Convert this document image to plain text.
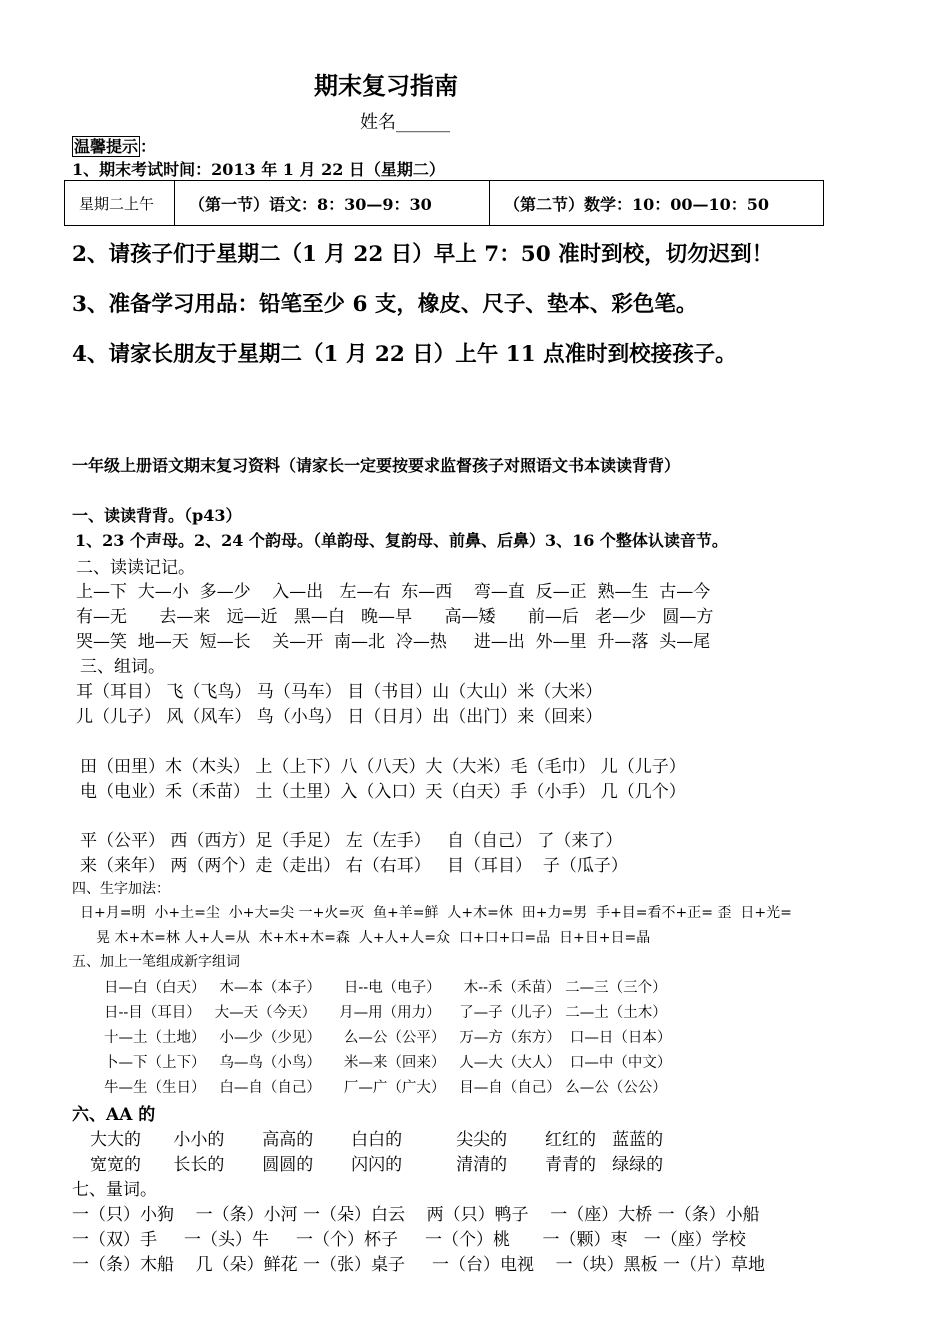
期末复习指南
姓名______
温馨提示 ：
1、期末考试时间：2013 年 1 月 22 日（星期二）
星期二上午	（第一节）语文：8：30—9：30	（第二节）数学：10：00—10：50
2、请孩子们于星期二（1 月 22 日）早上 7：50 准时到校，切勿迟到！
3、准备学习用品：铅笔至少 6 支，橡皮、尺子、垫本、彩色笔。
4、请家长朋友于星期二（1 月 22 日）上午 11 点准时到校接孩子。
一年级上册语文期末复习资料（请家长一定要按要求监督孩子对照语文书本读读背背）
一、读读背背。（p43）
1、23 个声母。2、24 个韵母。（单韵母、复韵母、前鼻、后鼻）3、16 个整体认读音节。
二、读读记记。
上—下  大—小  多—少    入—出   左—右  东—西    弯—直  反—正  熟—生  古—今
有—无      去—来   远—近   黑—白   晚—早      高—矮      前—后   老—少   圆—方
哭—笑  地—天  短—长    关—开  南—北  冷—热     进—出  外—里  升—落  头—尾
三、组词。
耳（耳目） 飞（飞鸟） 马（马车） 目（书目）山（大山）米（大米）
儿（儿子） 风（风车） 鸟（小鸟） 日（日月）出（出门）来（回来）
田（田里）木（木头） 上（上下）八（八天）大（大米）毛（毛巾） 儿（儿子）
电（电业）禾（禾苗） 土（土里）入（入口）天（白天）手（小手） 几（几个）
平（公平） 西（西方）足（手足） 左（左手）   自（自己） 了（来了）
来（来年） 两（两个）走（走出） 右（右耳）   目（耳目）  子（瓜子）
四、生字加法：
日+月=明  小+土=尘  小+大=尖 一+火=灭  鱼+羊=鲜  人+木=休  田+力=男  手+目=看不+正= 歪  日+光=
晃 木+木=林 人+人=从  木+木+木=森  人+人+人=众  口+口+口=品  日+日+日=晶
五、加上一笔组成新字组词
日—白（白天）   木—本（本子）     日--电（电子）     木--禾（禾苗） 二—三（三个）
日--目（耳目）   大—天（今天）     月—用（用力）    了—子（儿子） 二—土（土木）
十—土（土地）   小—少（少见）     么—公（公平）   万—方（东方）  口—日（日本）
卜—下（上下）   乌—鸟（小鸟）     米—来（回来）   人—大（大人）  口—中（中文）
牛—生（生日）   白—自（自己）     厂—广（广大）   目—自（自己） 么—公（公公）
六、AA 的
大大的      小小的       高高的       白白的          尖尖的       红红的   蓝蓝的
宽宽的      长长的       圆圆的       闪闪的          清清的       青青的   绿绿的
七、量词。
一（只）小狗    一（条）小河 一（朵）白云    两（只）鸭子    一（座）大桥 一（条）小船
一（双）手     一（头）牛     一（个）杯子     一（个）桃      一（颗）枣   一（座）学校
一（条）木船    几（朵）鲜花 一（张）桌子     一（台）电视    一（块）黑板 一（片）草地
